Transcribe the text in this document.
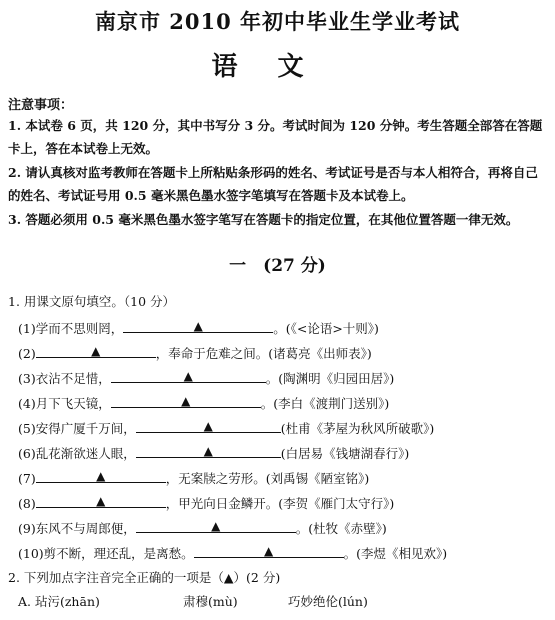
南京市 2010 年初中毕业生学业考试
语文
注意事项：
1. 本试卷 6 页，共 120 分，其中书写分 3 分。考试时间为 120 分钟。考生答题全部答在答题卡上，答在本试卷上无效。
2. 请认真核对监考教师在答题卡上所粘贴条形码的姓名、考试证号是否与本人相符合，再将自己的姓名、考试证号用 0.5 毫米黑色墨水签字笔填写在答题卡及本试卷上。
3. 答题必须用 0.5 毫米黑色墨水签字笔写在答题卡的指定位置，在其他位置答题一律无效。
一　(27 分)
1. 用课文原句填空。（10 分）
(1)学而不思则罔，	▲	。(《<论语>十则》)
(2)	▲	，奉命于危难之间。(诸葛亮《出师表》)
(3)衣沾不足惜，	▲	。(陶渊明《归园田居》)
(4)月下飞天镜，	▲	。(李白《渡荆门送别》)
(5)安得广厦千万间，	▲	(杜甫《茅屋为秋风所破歌》)
(6)乱花渐欲迷人眼，	▲	(白居易《钱塘湖春行》)
(7)	▲	，无案牍之劳形。(刘禹锡《陋室铭》)
(8)	▲	，甲光向日金鳞开。(李贺《雁门太守行》)
(9)东风不与周郎便，	▲	。(杜牧《赤壁》)
(10)剪不断，理还乱，是离愁。	▲	。(李煜《相见欢》)
2. 下列加点字注音完全正确的一项是（▲）(2 分)
A. 玷污(zhān)	肃穆(mù)	巧妙绝伦(lún)
